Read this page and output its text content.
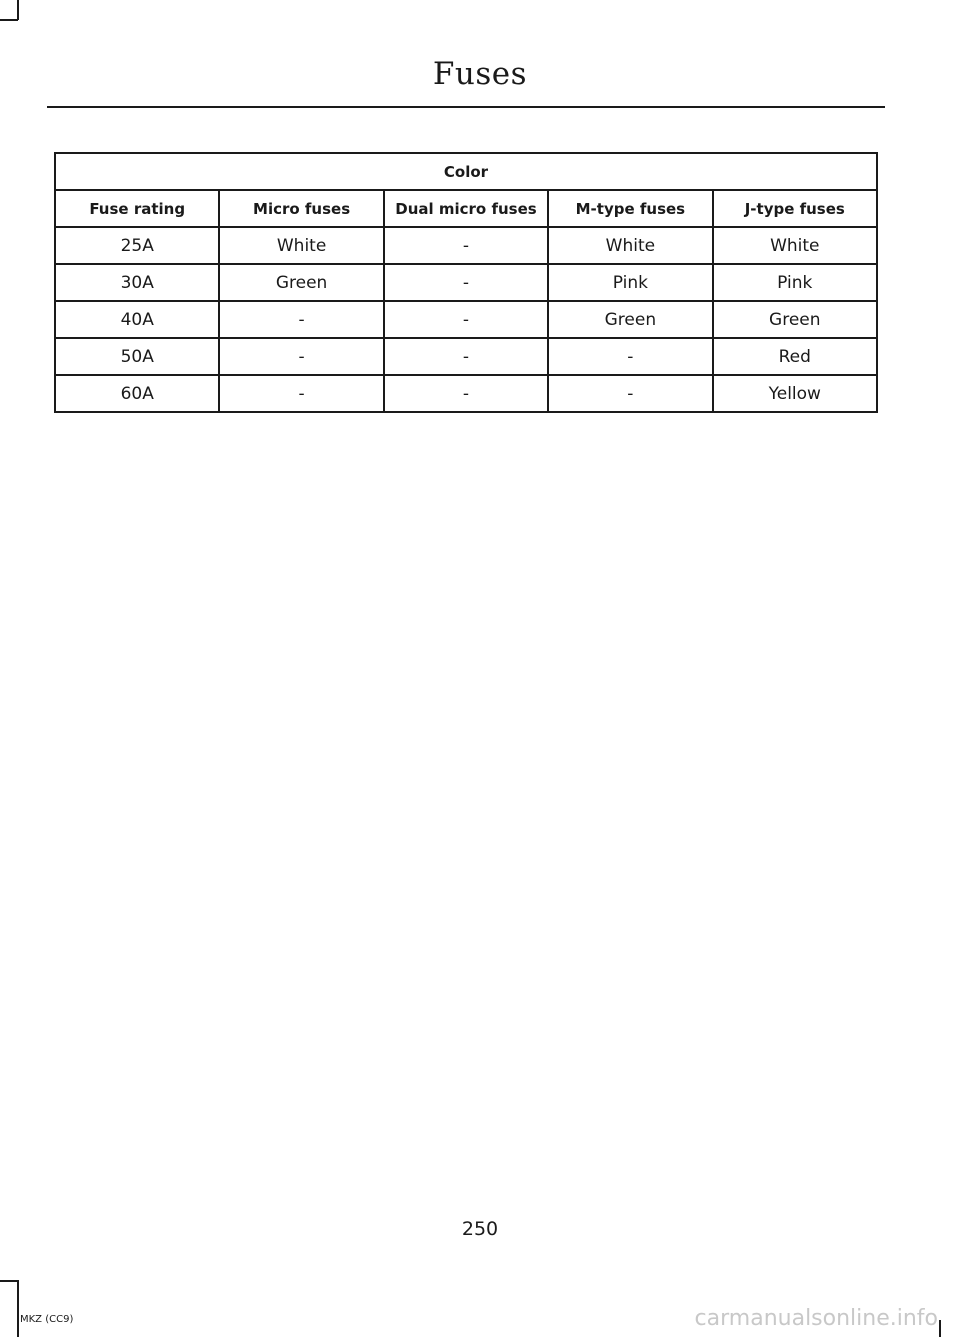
Fuses
Color				
Fuse rating	Micro fuses	Dual micro fuses	M-type fuses	J-type fuses
25A	White	-	White	White
30A	Green	-	Pink	Pink
40A	-	-	Green	Green
50A	-	-	-	Red
60A	-	-	-	Yellow
250
MKZ (CC9)	carmanualsonline.info
